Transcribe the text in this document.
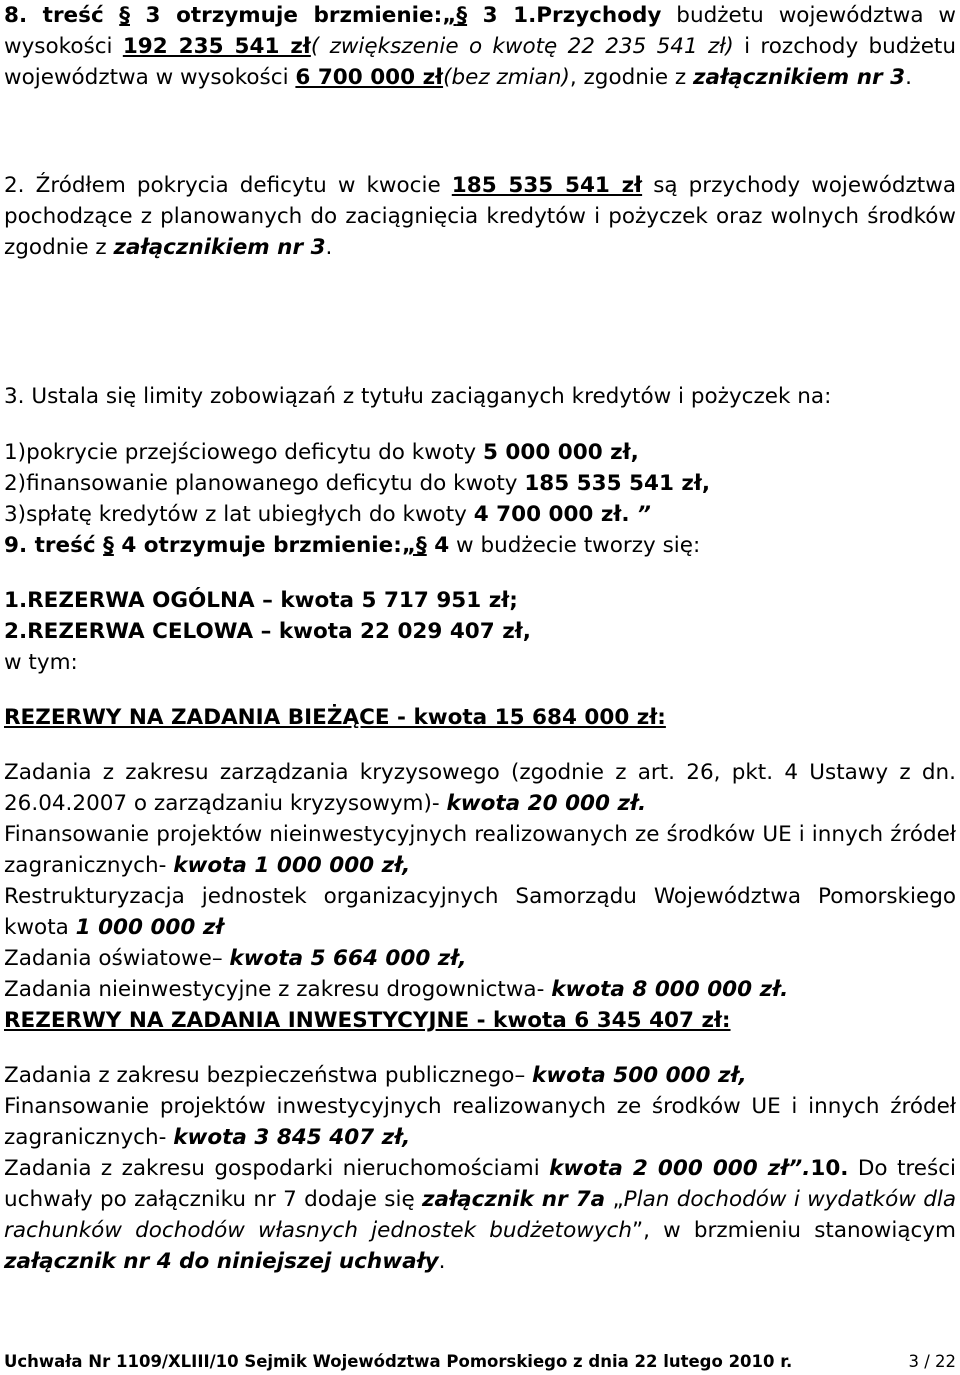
8. treść § 3 otrzymuje brzmienie:„§ 3 1.Przychody budżetu województwa w wysokości 192 235 541 zł( zwiększenie o kwotę 22 235 541 zł) i rozchody budżetu województwa w wysokości 6 700 000 zł(bez zmian), zgodnie z załącznikiem nr 3.

2. Źródłem pokrycia deficytu w kwocie 185 535 541 zł są przychody województwa pochodzące z planowanych do zaciągnięcia kredytów i pożyczek oraz wolnych środków zgodnie z załącznikiem nr 3.

3. Ustala się limity zobowiązań z tytułu zaciąganych kredytów i pożyczek na:

1)pokrycie przejściowego deficytu do kwoty 5 000 000 zł,

2)finansowanie planowanego deficytu do kwoty 185 535 541 zł,

3)spłatę kredytów z lat ubiegłych do kwoty 4 700 000 zł. ”

9. treść § 4 otrzymuje brzmienie:„§ 4 w budżecie tworzy się:

1.REZERWA OGÓLNA – kwota 5 717 951 zł;

2.REZERWA CELOWA – kwota 22 029 407 zł,

w tym:

REZERWY NA ZADANIA BIEŻĄCE - kwota 15 684 000 zł:

Zadania z zakresu zarządzania kryzysowego (zgodnie z art. 26, pkt. 4 Ustawy z dn. 26.04.2007 o zarządzaniu kryzysowym)- kwota 20 000 zł.

Finansowanie projektów nieinwestycyjnych realizowanych ze środków UE i innych źródeł zagranicznych- kwota 1 000 000 zł,

Restrukturyzacja jednostek organizacyjnych Samorządu Województwa Pomorskiego kwota 1 000 000 zł

Zadania oświatowe– kwota 5 664 000 zł,

Zadania nieinwestycyjne z zakresu drogownictwa- kwota 8 000 000 zł.

REZERWY NA ZADANIA INWESTYCYJNE - kwota 6 345 407 zł:

Zadania z zakresu bezpieczeństwa publicznego– kwota 500 000 zł,

Finansowanie projektów inwestycyjnych realizowanych ze środków UE i innych źródeł zagranicznych- kwota 3 845 407 zł,

Zadania z zakresu gospodarki nieruchomościami kwota 2 000 000 zł”.10. Do treści uchwały po załączniku nr 7 dodaje się załącznik nr 7a „Plan dochodów i wydatków dla rachunków dochodów własnych jednostek budżetowych”, w brzmieniu stanowiącym załącznik nr 4 do niniejszej uchwały.

Uchwała Nr 1109/XLIII/10 Sejmik Województwa Pomorskiego z dnia 22 lutego 2010 r.	3 / 22
